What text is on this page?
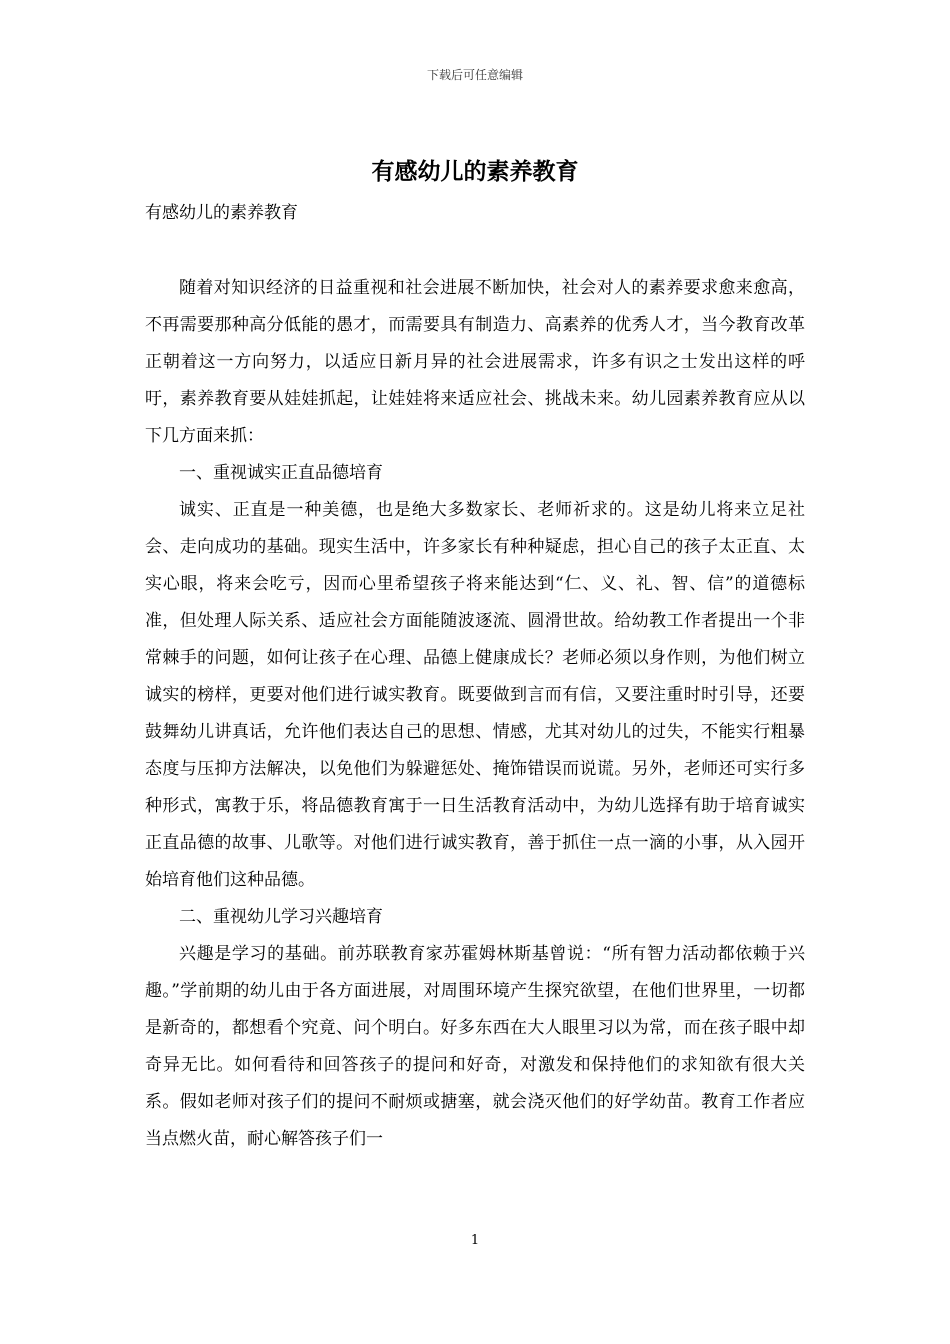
下载后可任意编辑
有感幼儿的素养教育
有感幼儿的素养教育

随着对知识经济的日益重视和社会进展不断加快，社会对人的素养要求愈来愈高，不再需要那种高分低能的愚才，而需要具有制造力、高素养的优秀人才，当今教育改革正朝着这一方向努力，以适应日新月异的社会进展需求，许多有识之士发出这样的呼吁，素养教育要从娃娃抓起，让娃娃将来适应社会、挑战未来。幼儿园素养教育应从以下几方面来抓：

一、重视诚实正直品德培育

诚实、正直是一种美德，也是绝大多数家长、老师祈求的。这是幼儿将来立足社会、走向成功的基础。现实生活中，许多家长有种种疑虑，担心自己的孩子太正直、太实心眼，将来会吃亏，因而心里希望孩子将来能达到“仁、义、礼、智、信”的道德标准，但处理人际关系、适应社会方面能随波逐流、圆滑世故。给幼教工作者提出一个非常棘手的问题，如何让孩子在心理、品德上健康成长？老师必须以身作则，为他们树立诚实的榜样，更要对他们进行诚实教育。既要做到言而有信，又要注重时时引导，还要鼓舞幼儿讲真话，允许他们表达自己的思想、情感，尤其对幼儿的过失，不能实行粗暴态度与压抑方法解决，以免他们为躲避惩处、掩饰错误而说谎。另外，老师还可实行多种形式，寓教于乐，将品德教育寓于一日生活教育活动中，为幼儿选择有助于培育诚实正直品德的故事、儿歌等。对他们进行诚实教育，善于抓住一点一滴的小事，从入园开始培育他们这种品德。

二、重视幼儿学习兴趣培育

兴趣是学习的基础。前苏联教育家苏霍姆林斯基曾说：“所有智力活动都依赖于兴趣。”学前期的幼儿由于各方面进展，对周围环境产生探究欲望，在他们世界里，一切都是新奇的，都想看个究竟、问个明白。好多东西在大人眼里习以为常，而在孩子眼中却奇异无比。如何看待和回答孩子的提问和好奇，对激发和保持他们的求知欲有很大关系。假如老师对孩子们的提问不耐烦或搪塞，就会浇灭他们的好学幼苗。教育工作者应当点燃火苗，耐心解答孩子们一

1
